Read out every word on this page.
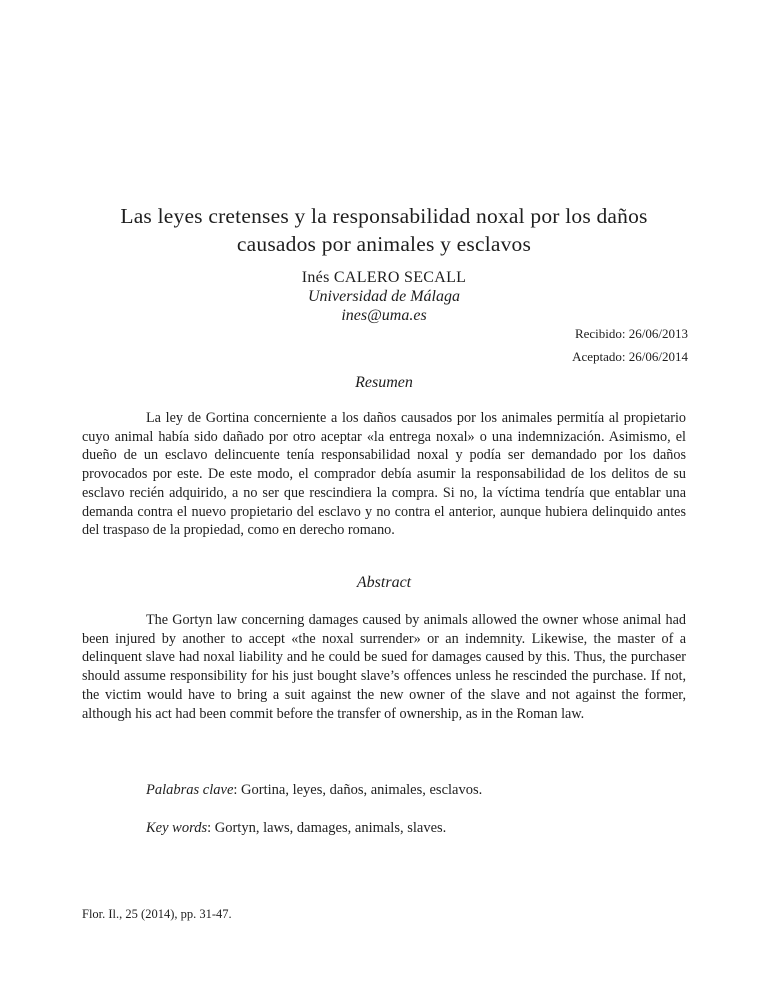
Las leyes cretenses y la responsabilidad noxal por los daños
causados por animales y esclavos
Inés CALERO SECALL
Universidad de Málaga
ines@uma.es
Recibido: 26/06/2013
Aceptado: 26/06/2014
Resumen

La ley de Gortina concerniente a los daños causados por los animales permitía al propietario cuyo animal había sido dañado por otro aceptar «la entrega noxal» o una indemnización. Asimismo, el dueño de un esclavo delincuente tenía responsabilidad noxal y podía ser demandado por los daños provocados por este. De este modo, el comprador debía asumir la responsabilidad de los delitos de su esclavo recién adquirido, a no ser que rescindiera la compra. Si no, la víctima tendría que entablar una demanda contra el nuevo propietario del esclavo y no contra el anterior, aunque hubiera delinquido antes del traspaso de la propiedad, como en derecho romano.

Abstract

The Gortyn law concerning damages caused by animals allowed the owner whose animal had been injured by another to accept «the noxal surrender» or an indemnity. Likewise, the master of a delinquent slave had noxal liability and he could be sued for damages caused by this. Thus, the purchaser should assume responsibility for his just bought slave’s offences unless he rescinded the purchase. If not, the victim would have to bring a suit against the new owner of the slave and not against the former, although his act had been commit before the transfer of ownership, as in the Roman law.

Palabras clave: Gortina, leyes, daños, animales, esclavos.

Key words: Gortyn, laws, damages, animals, slaves.

Flor. Il., 25 (2014), pp. 31-47.
